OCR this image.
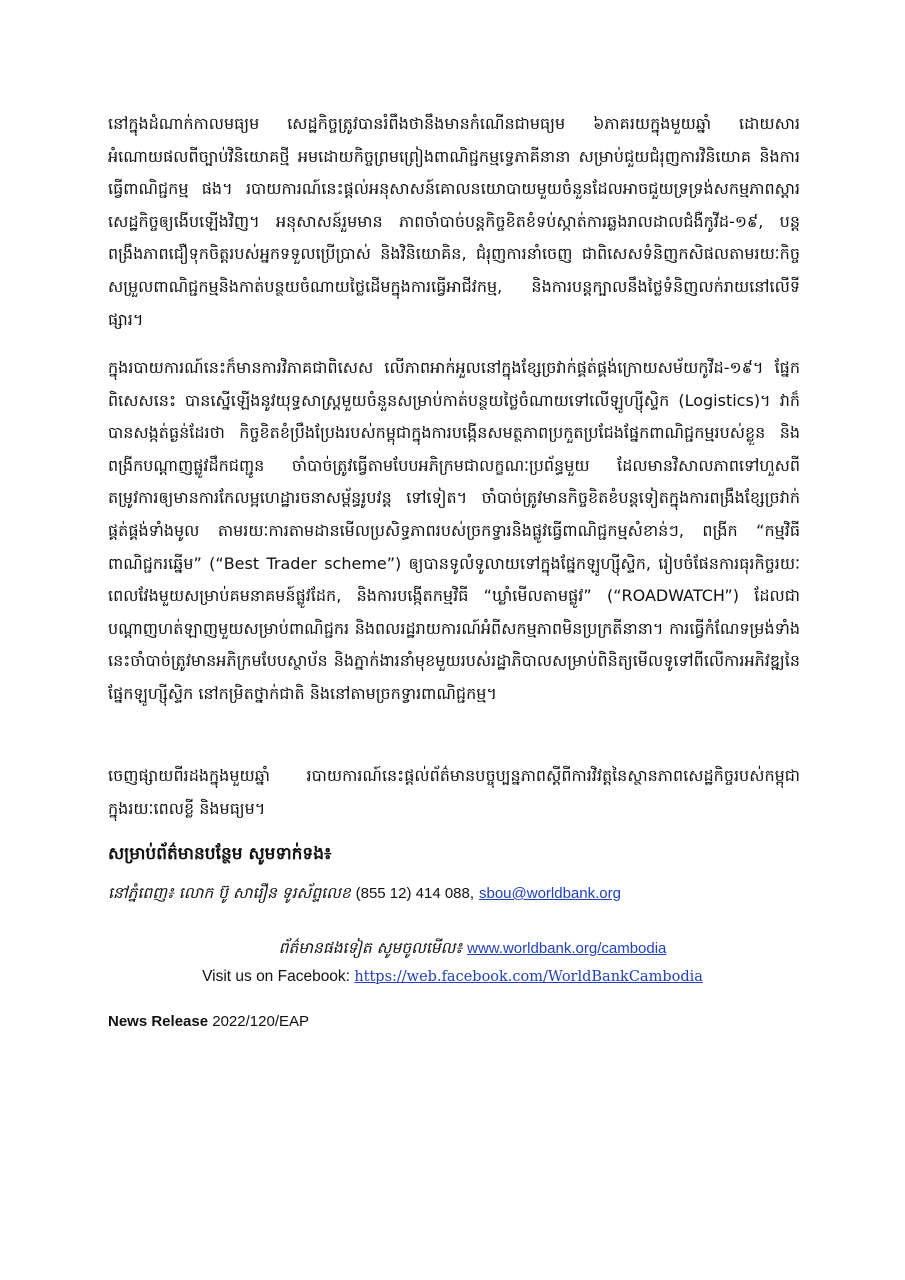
នៅក្នុងដំណាក់កាលមធ្យម សេដ្ឋកិច្ចត្រូវបានរំពឹងថានឹងមានកំណើនជាមធ្យម ៦ភាគរយក្នុងមួយឆ្នាំ ដោយសារអំណោយផលពីច្បាប់វិនិយោគថ្មី អមដោយកិច្ចព្រមព្រៀងពាណិជ្ជកម្មទ្វេភាគីនានា សម្រាប់ជួយជំរុញការវិនិយោគ និងការធ្វើពាណិជ្ជកម្ម ផង។ របាយការណ៍នេះផ្តល់អនុសាសន៍គោលនយោបាយមួយចំនួនដែលអាចជួយទ្រទ្រង់សកម្មភាពស្តារសេដ្ឋកិច្ចឲ្យងើបឡើងវិញ។ អនុសាសន៍រួមមាន ភាពចាំបាច់បន្តកិច្ចខិតខំទប់ស្កាត់ការឆ្លងរាលដាលជំងឺកូវីដ-១៩, បន្តពង្រឹងភាពជឿទុកចិត្តរបស់អ្នកទទួលប្រើប្រាស់ និងវិនិយោគិន, ជំរុញការនាំចេញ ជាពិសេសទំនិញកសិផលតាមរយៈកិច្ចសម្រួលពាណិជ្ជកម្មនិងកាត់បន្ថយចំណាយថ្លៃដើមក្នុងការធ្វើអាជីវកម្ម, និងការបន្តក្បាលនឹងថ្លៃទំនិញលក់រាយនៅលើទីផ្សារ។

ក្នុងរបាយការណ៍នេះក៏មានការវិភាគជាពិសេស លើភាពអាក់អួលនៅក្នុងខ្សែច្រវាក់ផ្គត់ផ្គង់ក្រោយសម័យកូវីដ-១៩។ ផ្នែកពិសេសនេះ បានស្នើឡើងនូវយុទ្ធសាស្ត្រមួយចំនួនសម្រាប់កាត់បន្ថយថ្លៃចំណាយទៅលើឡូហ្ស៊ីស្ទិក (Logistics)។ វាក៏បានសង្កត់ធ្ងន់ដែរថា កិច្ចខិតខំប្រឹងប្រែងរបស់កម្ពុជាក្នុងការបង្កើនសមត្ថភាពប្រកួតប្រជែងផ្នែកពាណិជ្ជកម្មរបស់ខ្លួន និងពង្រីកបណ្តាញផ្លូវដឹកជញ្ជូន ចាំបាច់ត្រូវធ្វើតាមបែបអភិក្រមជាលក្ខណៈប្រព័ន្ធមួយ ដែលមានវិសាលភាពទៅហួសពីតម្រូវការឲ្យមានការកែលម្អហេដ្ឋារចនាសម្ព័ន្ធរូបវន្ត ទៅទៀត។ ចាំបាច់ត្រូវមានកិច្ចខិតខំបន្តទៀតក្នុងការពង្រឹងខ្សែច្រវាក់ផ្គត់ផ្គង់ទាំងមូល តាមរយៈការតាមដានមើលប្រសិទ្ធភាពរបស់ច្រកទ្វារនិងផ្លូវធ្វើពាណិជ្ជកម្មសំខាន់ៗ, ពង្រីក “កម្មវិធីពាណិជ្ជករឆ្នើម” (“Best Trader scheme”) ឲ្យបានទូលំទូលាយទៅក្នុងផ្នែកឡូហ្ស៊ីស្ទិក, រៀបចំផែនការធុរកិច្ចរយៈពេលវែងមួយសម្រាប់គមនាគមន៍ផ្លូវដែក, និងការបង្កើតកម្មវិធី “ឃ្លាំមើលតាមផ្លូវ” (“ROADWATCH”) ដែលជាបណ្តាញហត់ឡាញមួយសម្រាប់ពាណិជ្ជករ និងពលរដ្ឋរាយការណ៍អំពីសកម្មភាពមិនប្រក្រតីនានា។ ការធ្វើកំណែទម្រង់ទាំងនេះចាំបាច់ត្រូវមានអភិក្រមបែបស្ថាប័ន និងភ្នាក់ងារនាំមុខមួយរបស់រដ្ឋាភិបាលសម្រាប់ពិនិត្យមើលទូទៅពីលើការអភិវឌ្ឍនៃផ្នែកឡូហ្ស៊ីស្ទិក នៅកម្រិតថ្នាក់ជាតិ និងនៅតាមច្រកទ្វារពាណិជ្ជកម្ម។

ចេញផ្សាយពីរដងក្នុងមួយឆ្នាំ របាយការណ៍នេះផ្តល់ព័ត៌មានបច្ចុប្បន្នភាពស្តីពីការវិវត្តនៃស្ថានភាពសេដ្ឋកិច្ចរបស់កម្ពុជា ក្នុងរយៈពេលខ្លី និងមធ្យម។

សម្រាប់ព័ត៌មានបន្ថែម សូមទាក់ទង៖

នៅភ្នំពេញ៖ លោក ប៊ូ សារឿន ទូរស័ព្ទលេខ (855 12) 414 088, sbou@worldbank.org

ព័ត៌មានផងទៀត សូមចូលមើល៖ www.worldbank.org/cambodia

Visit us on Facebook: https://web.facebook.com/WorldBankCambodia

News Release 2022/120/EAP
